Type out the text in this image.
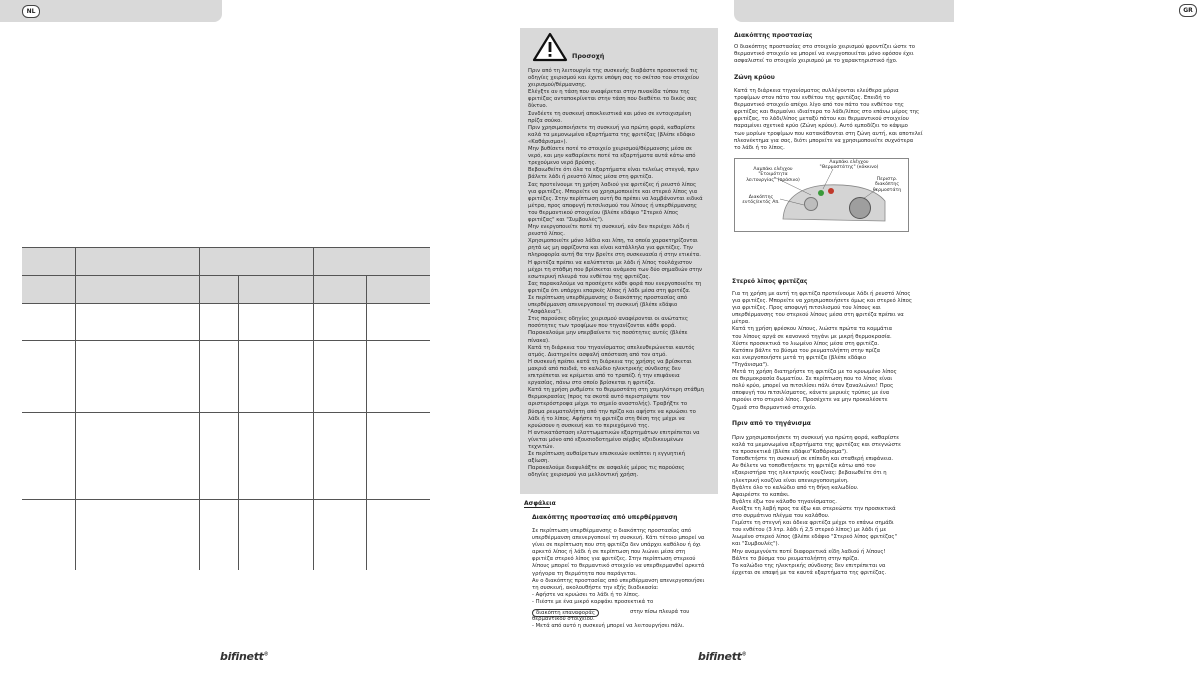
NL
bifinett®
GR
Προσοχή

Πριν από τη λειτουργία της συσκευής διαβάστε προσεκτικά τις
οδηγίες χειρισμού και έχετε υπόψη σας το σκίτσο του στοιχείου
χειρισμού/θέρμανσης.
Ελέγξτε αν η τάση που αναφέρεται στην πινακίδα τύπου της
φριτέζας ανταποκρίνεται στην τάση που διαθέτει το δικός σας
δίκτυο.
Συνδέετε τη συσκευή αποκλειστικά και μόνο σε εντοιχισμένη
πρίζα σούκο.
Πριν χρησιμοποιήσετε τη συσκευή για πρώτη φορά, καθαρίστε
καλά τα μεμονωμένα εξαρτήματα της φριτέζας (βλέπε εδάφιο
«Καθάρισμα»).
Μην βυθίσετε ποτέ το στοιχείο χειρισμού/θέρμανσης μέσα σε
νερό, και μην καθαρίσετε ποτέ τα εξαρτήματα αυτά κάτω από
τρεχούμενο νερό βρύσης.
Βεβαιωθείτε ότι όλα τα εξαρτήματα είναι τελείως στεγνά, πριν
βάλετε λάδι ή ρευστό λίπος μέσα στη φριτέζα.
Σας προτείνουμε τη χρήση λαδιού για φριτέζες ή ρευστό λίπος
για φριτέζες. Μπορείτε να χρησιμοποιείτε και στερεό λίπος για
φριτέζες. Στην περίπτωση αυτή θα πρέπει να λαμβάνονται ειδικά
μέτρα, προς αποφυγή πιτσιλισμού του λίπους ή υπερθέρμανσης
του θερμαντικού στοιχείου (βλέπε εδάφιο "Στερεό λίπος
φριτέζας" και "Συμβουλές").
Μην ενεργοποιείτε ποτέ τη συσκευή, εάν δεν περιέχει λάδι ή
ρευστό λίπος.
Χρησιμοποιείτε μόνο λάδια και λίπη, τα οποία χαρακτηρίζονται
ρητά ως μη αφρίζοντα και είναι κατάλληλα για φριτέζες. Την
πληροφορία αυτή θα την βρείτε στη συσκευασία ή στην ετικέτα.
Η φριτέζα πρέπει να καλύπτεται με λάδι ή λίπος τουλάχιστον
μέχρι τη στάθμη που βρίσκεται ανάμεσα των δύο σημαδιών στην
εσωτερική πλευρά του ενθέτου της φριτέζας.
Σας παρακαλούμε να προσέχετε κάθε φορά που ενεργοποιείτε τη
φριτέζα ότι υπάρχει επαρκές λίπος ή λάδι μέσα στη φριτέζα.
Σε περίπτωση υπερθέρμανσης ο διακόπτης προστασίας από
υπερθέρμανση απενεργοποιεί τη συσκευή (βλέπε εδάφιο
"Ασφάλεια").
Στις παρούσες οδηγίες χειρισμού αναφέρονται οι ανώτατες
ποσότητες των τροφίμων που τηγανίζονται κάθε φορά.
Παρακαλούμε μην υπερβαίνετε τις ποσότητες αυτές (βλέπε
πίνακα).
Κατά τη διάρκεια του τηγανίσματος απελευθερώνεται καυτός
ατμός. Διατηρείτε ασφαλή απόσταση από τον ατμό.
Η συσκευή πρέπει κατά τη διάρκεια της χρήσης να βρίσκεται
μακριά από παιδιά, το καλώδιο ηλεκτρικής σύνδεσης δεν
επιτρέπεται να κρέμεται από το τραπέζι ή την επιφάνεια
εργασίας, πάνω στο οποίο βρίσκεται η φριτέζα.
Κατά τη χρήση ρυθμίστε το θερμοστάτη στη χαμηλότερη στάθμη
θερμοκρασίας (προς τα σκοτά αυτό περιστρέψτε τον
αριστερόστροφα μέχρι το σημείο αναστολής). Τραβήξτε το
βύσμα ρευματολήπτη από την πρίζα και αφήστε να κρυώσει το
λάδι ή το λίπος. Αφήστε τη φριτέζα στη θέση της μέχρι να
κρυώσουν η συσκευή και το περιεχόμενό της.
Η αντικατάσταση ελαττωματικών εξαρτημάτων επιτρέπεται να
γίνεται μόνο από εξουσιοδοτημένο σέρβις εξειδικευμένων
τεχνιτών.
Σε περίπτωση αυθαίρετων επισκευών εκπίπτει η εγγυητική
αξίωση.
Παρακαλούμε διαφυλάξτε σε ασφαλές μέρος τις παρούσες
οδηγίες χειρισμού για μελλοντική χρήση.

Ασφάλεια
Διακόπτης προστασίας από υπερθέρμανση

Σε περίπτωση υπερθέρμανσης ο διακόπτης προστασίας από
υπερθέρμανση απενεργοποιεί τη συσκευή. Κάτι τέτοιο μπορεί να
γίνει σε περίπτωση που στη φριτέζα δεν υπάρχει καθόλου ή όχι
αρκετό λίπος ή λάδι ή σε περίπτωση που λιώνει μέσα στη
φριτέζα στερεό λίπος για φριτέζες. Στην περίπτωση στερεού
λίπους μπορεί το θερμαντικό στοιχείο να υπερθερμανθεί αρκετά
γρήγορα τη θερμότητα που παράγεται.
Αν ο διακόπτης προστασίας από υπερθέρμανση απενεργοποιήσει
τη συσκευή, ακολουθήστε την εξής διαδικασία:
- Αφήστε να κρυώσει το λάδι ή το λίπος.
- Πιέστε με ένα μικρό καρφάκι προσεκτικά το

διακόπτη επαναφοράς	στην πίσω πλευρά του
θερμαντικού στοιχείου.
- Μετά από αυτό η συσκευή μπορεί να λειτουργήσει πάλι.

Διακόπτης προστασίας

Ο διακόπτης προστασίας στο στοιχείο χειρισμού φροντίζει ώστε το
θερμαντικό στοιχείο να μπορεί να ενεργοποιείται μόνο εφόσον έχει
ασφαλιστεί το στοιχείο χειρισμού με το χαρακτηριστικό ήχο.

Ζώνη κρύου

Κατά τη διάρκεια τηγανίσματος συλλέγονται ελεύθερα μόρια
τροφίμων στον πάτο του ενθέτου της φριτέζας. Επειδή το
θερμαντικό στοιχείο απέχει λίγο από τον πάτο του ενθέτου της
φριτέζας και θερμαίνει ιδιαίτερα το λάδι/λίπος στο επάνω μέρος της
φριτέζας, το λάδι/λίπος μεταξύ πάτου και θερμαντικού στοιχείου
παραμένει σχετικά κρύο (Ζώνη κρύου). Αυτό εμποδίζει το κάψιμο
των μορίων τροφίμων που κατακάθονται στη ζώνη αυτή, και αποτελεί
πλεονέκτημα για σας, διότι μπορείτε να χρησιμοποιείτε συχνότερα
το λάδι ή το λίπος.

Λαμπάκι ελέγχου
"Ετοιμότητα
λειτουργίας" (πράσινο)
Λαμπάκι ελέγχου
"Θερμοστάτης" (κόκκινο)
Διακόπτης
εντός/εκτός Απ.
Περιστρ.
διακόπτης
θερμοστάτη
Στερεό λίπος φριτέζας

Για τη χρήση με αυτή τη φριτέζα προτείνουμε λάδι ή ρευστό λίπος
για φριτέζες. Μπορείτε να χρησιμοποιήσετε όμως και στερεό λίπος
για φριτέζες. Προς αποφυγή πιτσιλισμού του λίπους και
υπερθέρμανσης του στερεού λίπους μέσα στη φριτέζα πρέπει να
μέτρα.
Κατά τη χρήση φρέσκου λίπους, λιώστε πρώτα τα κομμάτια
του λίπους αργά σε κανονικό τηγάνι με μικρή θερμοκρασία.
Χύστε προσεκτικά το λιωμένο λίπος μέσα στη φριτέζα.
Κατόπιν βάλτε το βύσμα του ρευματολήπτη στην πρίζα
και ενεργοποιήστε μετά τη φριτέζα (βλέπε εδάφιο
"Τηγάνισμα").
Μετά τη χρήση διατηρήστε τη φριτέζα με το κρυωμένο λίπος
σε θερμοκρασία δωματίου. Σε περίπτωση που το λίπος είναι
πολύ κρύο, μπορεί να πιτσιλίσει πάλι όταν ξαναλιώνει! Προς
αποφυγή του πιτσιλίσματος, κάνετε μερικές τρύπες με ένα
πιρούνι στο στερεό λίπος. Προσέχετε να μην προκαλέσετε
ζημιά στο θερμαντικό στοιχείο.

Πριν από το τηγάνισμα

Πριν χρησιμοποιήσετε τη συσκευή για πρώτη φορά, καθαρίστε
καλά τα μεμονωμένα εξαρτήματα της φριτέζας και στεγνώστε
τα προσεκτικά (βλέπε εδάφιο"Καθάρισμα").
Τοποθετήστε τη συσκευή σε επίπεδη και σταθερή επιφάνεια.
Αν θέλετε να τοποθετήσετε τη φριτέζα κάτω από τον
εξαεριστήρα της ηλεκτρικής κουζίνας: βεβαιωθείτε ότι η
ηλεκτρική κουζίνα είναι απενεργοποιημένη.
Βγάλτε όλο το καλώδιο από τη θήκη καλωδίου.
Αφαιρέστε το καπάκι.
Βγάλτε έξω τον κάλαθο τηγανίσματος.
Ανοίξτε τη λαβή προς τα έξω και στερεώστε την προσεκτικά
στο συρμάτινο πλέγμα του καλάθου.
Γεμίστε τη στεγνή και άδεια φριτέζα μέχρι το επάνω σημάδι
του ενθέτου (3 λτρ. λάδι ή 2,5 στερεό λίπος) με λάδι ή με
λιωμένο στερεό λίπος (βλέπε εδάφιο "Στερεό λίπος φριτέζας"
και "Συμβουλές").
Μην αναμιγνύετε ποτέ διαφορετικά είδη λαδιού ή λίπους!
Βάλτε το βύσμα του ρευματολήπτη στην πρίζα.
Το καλώδιο της ηλεκτρικής σύνδεσης δεν επιτρέπεται να
έρχεται σε επαφή με τα καυτά εξαρτήματα της φριτέζας.

bifinett®
